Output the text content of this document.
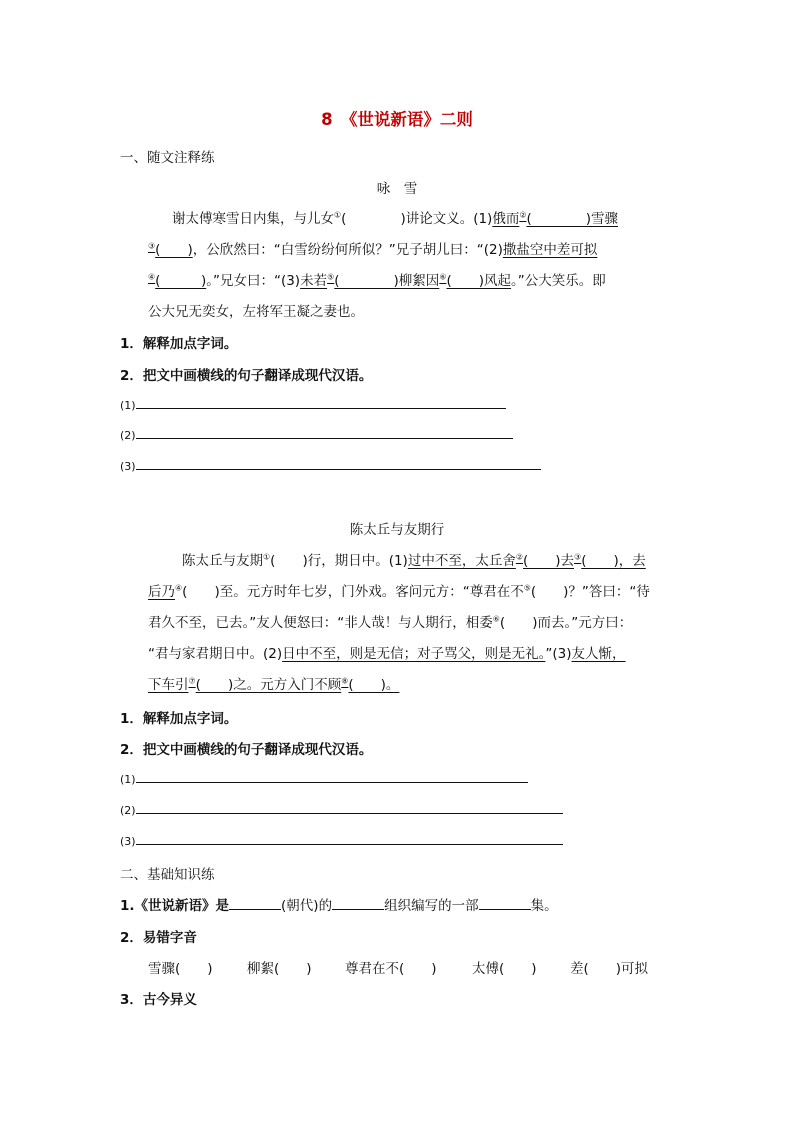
8　《世说新语》二则
一、随文注释练
咏　雪
谢太傅寒雪日内集，与儿女①(　　　　)讲论文义。(1)俄而②(　　　　)雪骤
③(　　)，公欣然曰：“白雪纷纷何所似？”兄子胡儿曰：“(2)撒盐空中差可拟
④(　　　)。”兄女曰：“(3)未若⑤(　　　　)柳絮因⑥(　　)风起。”公大笑乐。即
公大兄无奕女，左将军王凝之妻也。
1．解释加点字词。
2．把文中画横线的句子翻译成现代汉语。
(1)
(2)
(3)
陈太丘与友期行
陈太丘与友期①(　　)行，期日中。(1)过中不至，太丘舍②(　　)去③(　　)，去
后乃④(　　)至。元方时年七岁，门外戏。客问元方：“尊君在不⑤(　　)？”答曰：“待
君久不至，已去。”友人便怒曰：“非人哉！与人期行，相委⑥(　　)而去。”元方曰：
“君与家君期日中。(2)日中不至，则是无信；对子骂父，则是无礼。”(3)友人惭，
下车引⑦(　　)之。元方入门不顾⑧(　　)。
1．解释加点字词。
2．把文中画横线的句子翻译成现代汉语。
(1)
(2)
(3)
二、基础知识练
1.《世说新语》是	(朝代)的	组织编写的一部	集。
2．易错字音
雪骤(　　)	柳絮(　　) 尊君在不(　　)	太傅(　　) 差(　　)可拟
3．古今异义
